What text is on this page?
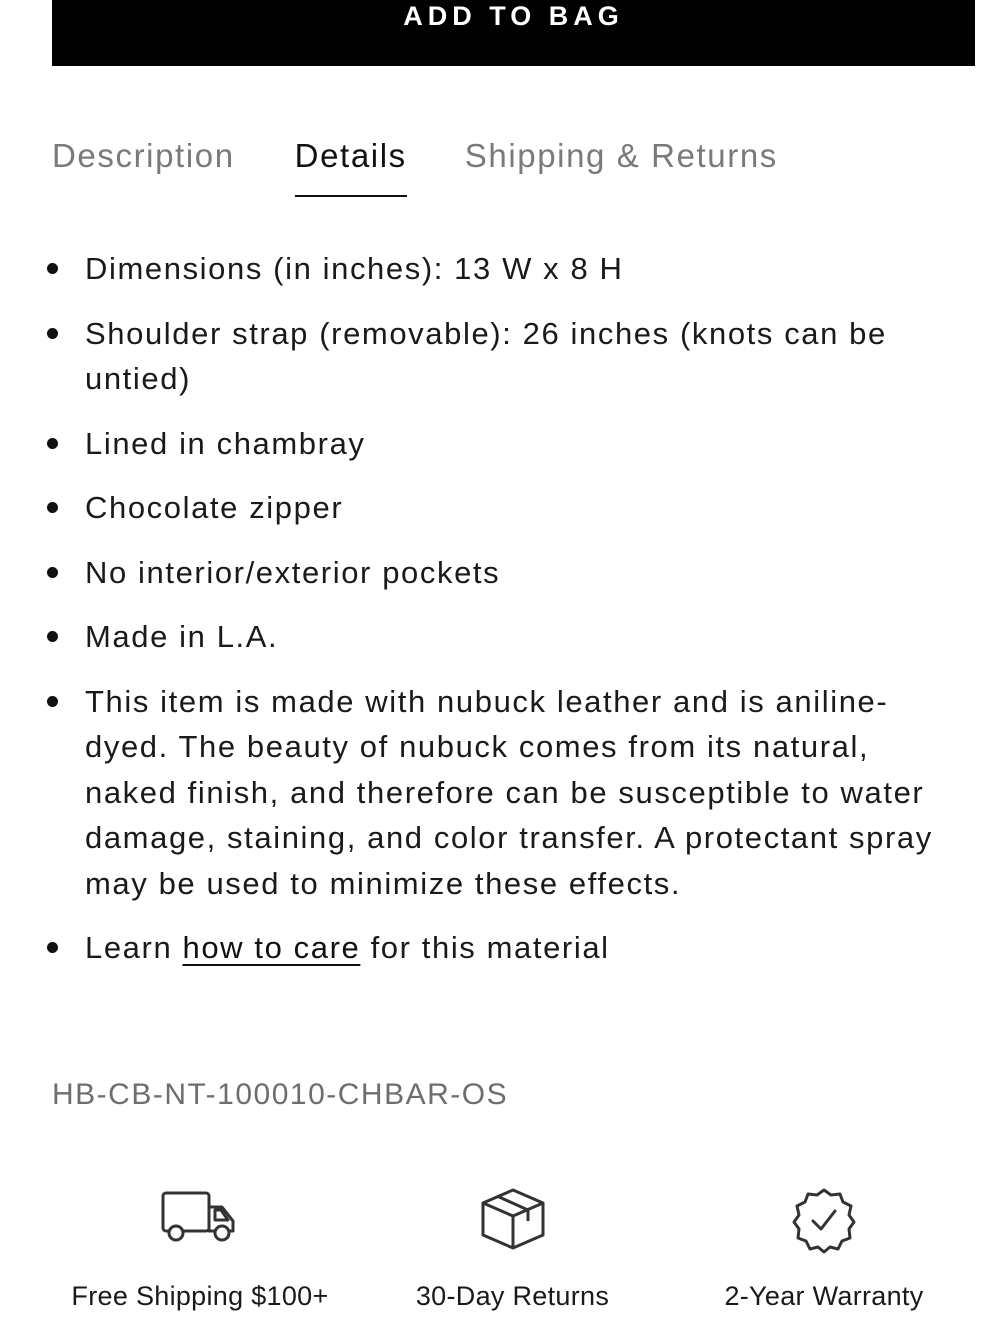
ADD TO BAG
Description Details Shipping & Returns
Dimensions (in inches): 13 W x 8 H
Shoulder strap (removable): 26 inches (knots can be untied)
Lined in chambray
Chocolate zipper
No interior/exterior pockets
Made in L.A.
This item is made with nubuck leather and is aniline-dyed. The beauty of nubuck comes from its natural, naked finish, and therefore can be susceptible to water damage, staining, and color transfer. A protectant spray may be used to minimize these effects.
Learn how to care for this material
HB-CB-NT-100010-CHBAR-OS
Free Shipping $100+	30-Day Returns	2-Year Warranty
